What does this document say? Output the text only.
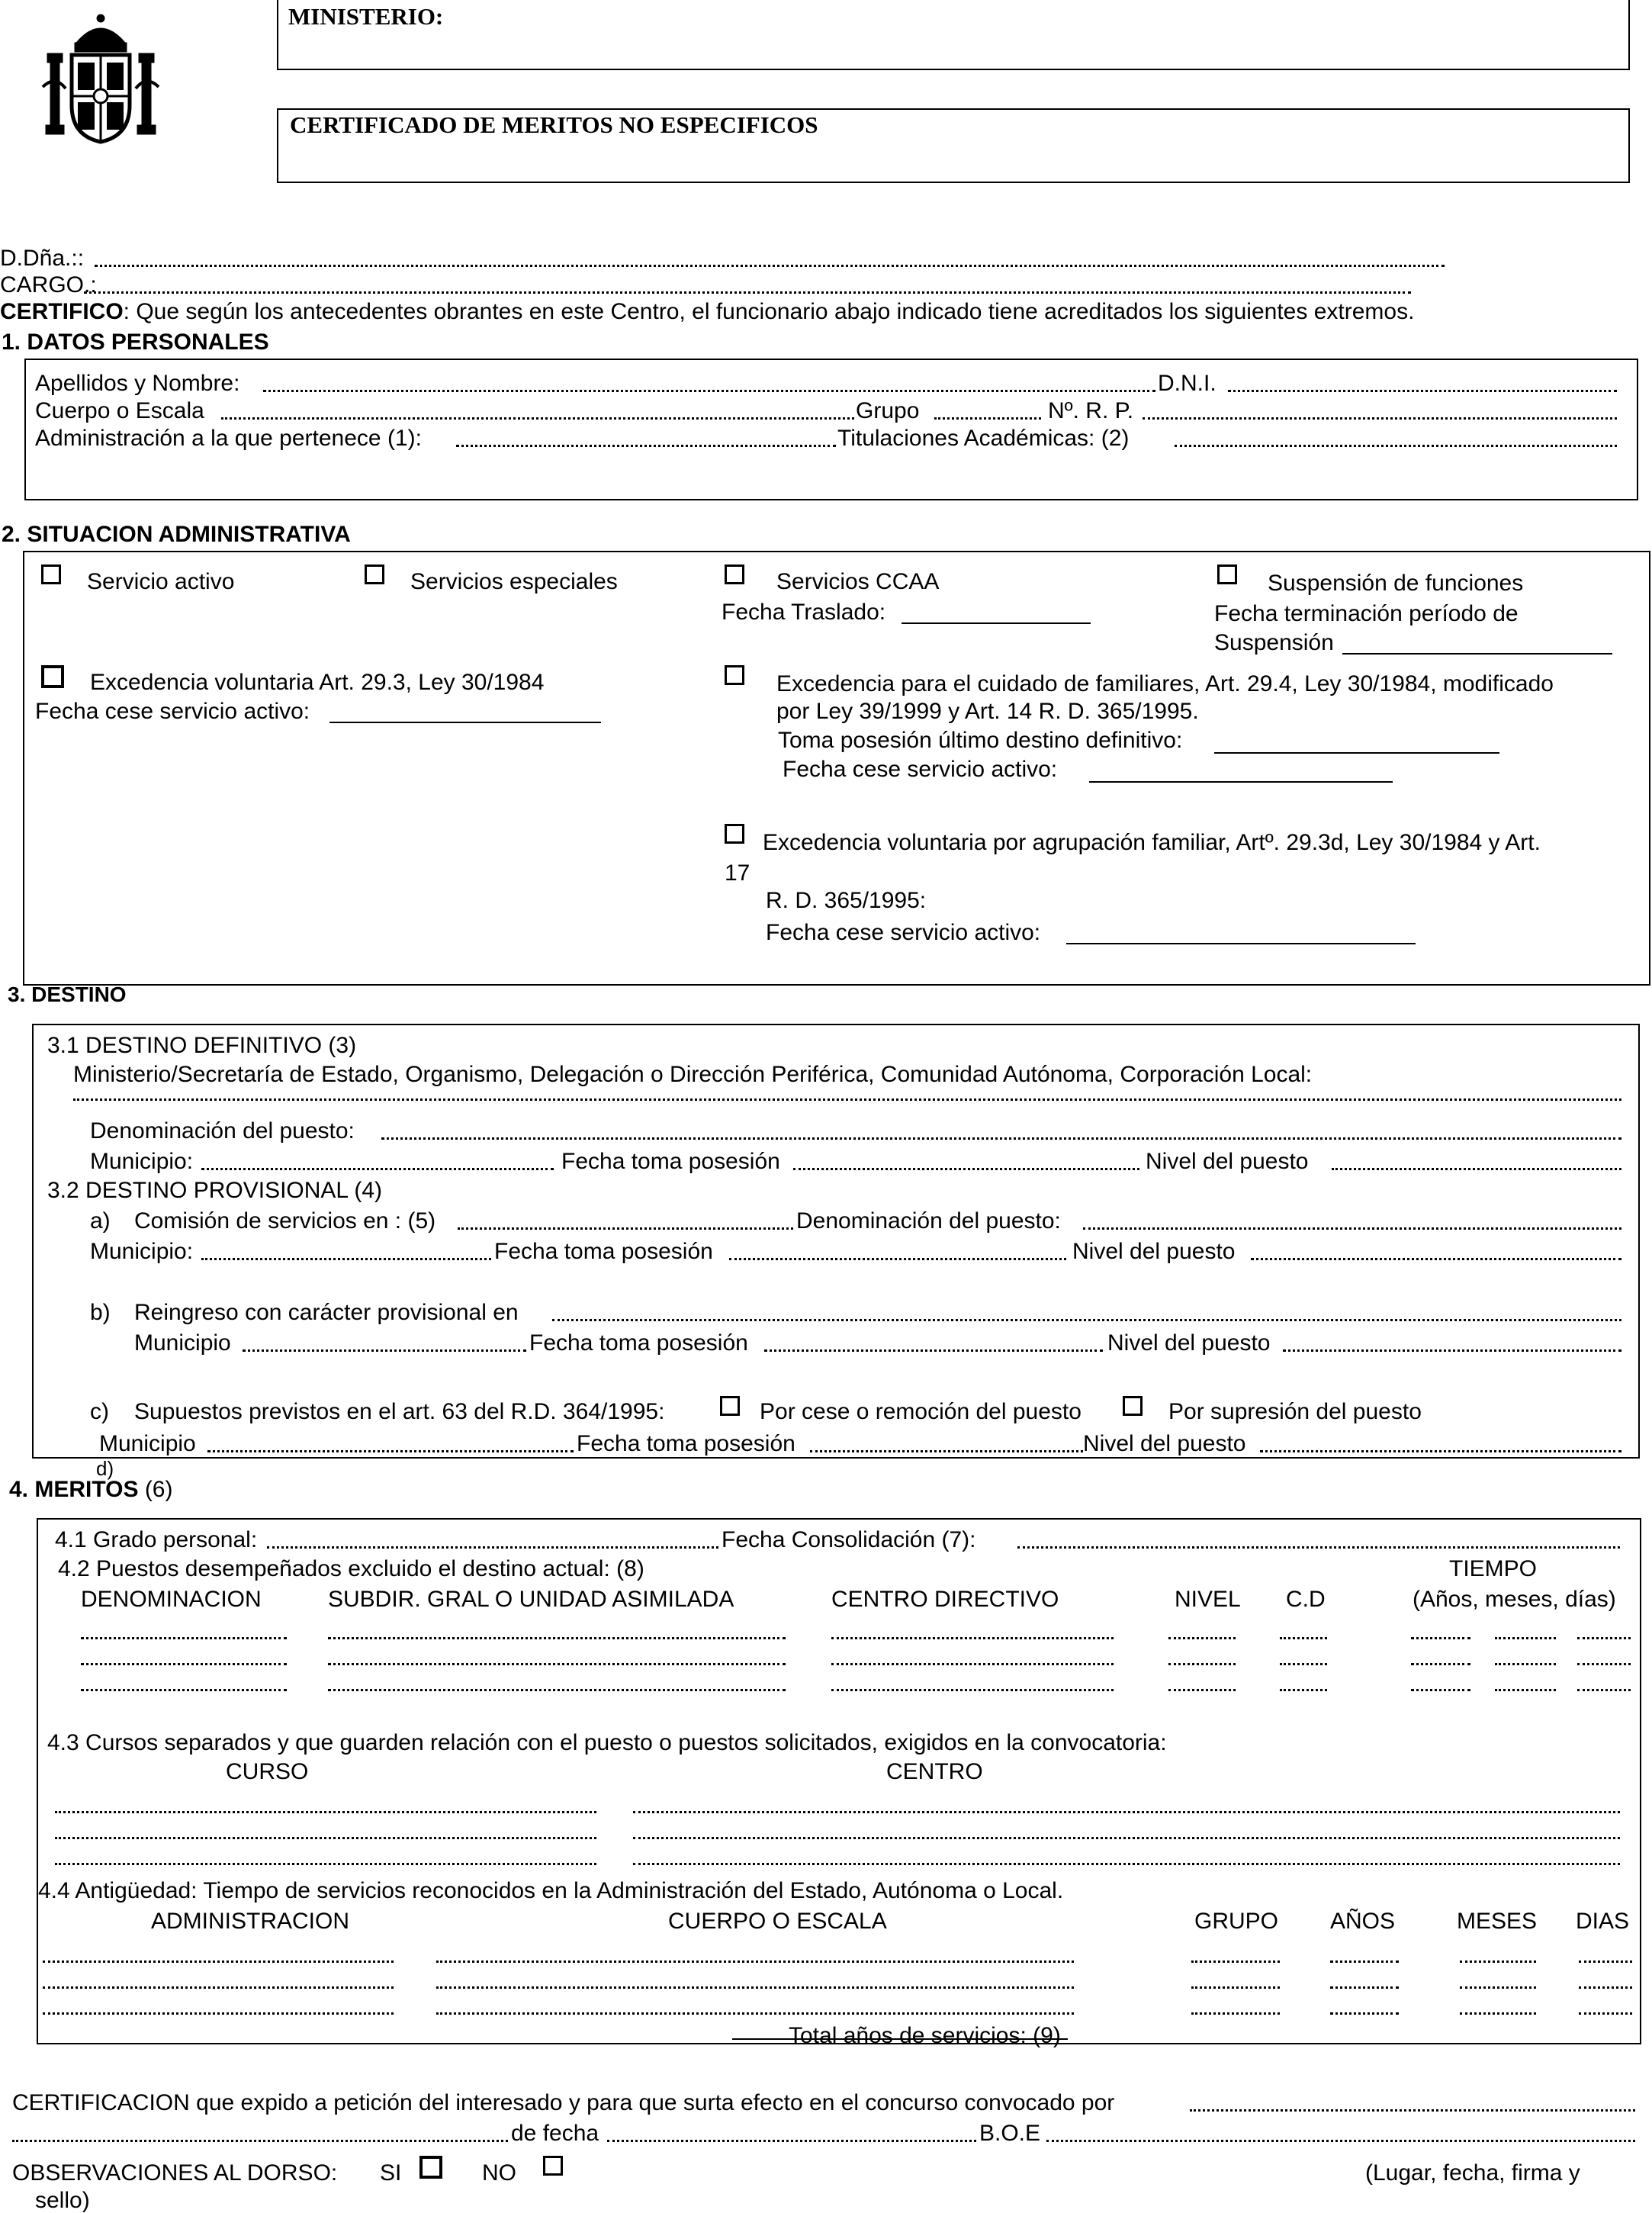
MINISTERIO:
CERTIFICADO DE MERITOS NO ESPECIFICOS
D.Dña.::
CARGO.:
CERTIFICO: Que según los antecedentes obrantes en este Centro, el funcionario abajo indicado tiene acreditados los siguientes extremos.
1. DATOS PERSONALES
Apellidos y Nombre:	D.N.I.
Cuerpo o Escala	Grupo	Nº. R. P.
Administración a la que pertenece (1):	Titulaciones Académicas: (2)
2. SITUACION ADMINISTRATIVA
Servicio activo	Servicios especiales	Servicios CCAA
Fecha Traslado:
Suspensión de funciones
Fecha terminación período de
Suspensión
Excedencia voluntaria Art. 29.3, Ley 30/1984
Fecha cese servicio activo:
Excedencia para el cuidado de familiares, Art. 29.4, Ley 30/1984, modificado
por Ley 39/1999 y Art. 14 R. D. 365/1995.
Toma posesión último destino definitivo:
Fecha cese servicio activo:
Excedencia voluntaria por agrupación familiar, Artº. 29.3d, Ley 30/1984 y Art.
17
R. D. 365/1995:
Fecha cese servicio activo:
3. DESTINO
3.1 DESTINO DEFINITIVO (3)
Ministerio/Secretaría de Estado, Organismo, Delegación o Dirección Periférica, Comunidad Autónoma, Corporación Local:
Denominación del puesto:
Municipio:	Fecha toma posesión	Nivel del puesto
3.2 DESTINO PROVISIONAL (4)
a) Comisión de servicios en : (5)	Denominación del puesto:
Municipio:	Fecha toma posesión	Nivel del puesto
b) Reingreso con carácter provisional en
Municipio	Fecha toma posesión	Nivel del puesto
c) Supuestos previstos en el art. 63 del R.D. 364/1995:	Por cese o remoción del puesto	Por supresión del puesto
Municipio	Fecha toma posesión	Nivel del puesto
d)
4. MERITOS (6)
4.1 Grado personal:	Fecha Consolidación (7):
4.2 Puestos desempeñados excluido el destino actual: (8)	TIEMPO
DENOMINACION	SUBDIR. GRAL O UNIDAD ASIMILADA	CENTRO DIRECTIVO	NIVEL C.D	(Años, meses, días)
4.3 Cursos separados y que guarden relación con el puesto o puestos solicitados, exigidos en la convocatoria:
CURSO	CENTRO
4.4 Antigüedad: Tiempo de servicios reconocidos en la Administración del Estado, Autónoma o Local.
ADMINISTRACION	CUERPO O ESCALA	GRUPO AÑOS	MESES DIAS
Total años de servicios: (9)
CERTIFICACION que expido a petición del interesado y para que surta efecto en el concurso convocado por
de fecha	B.O.E
OBSERVACIONES AL DORSO: SI	NO	(Lugar, fecha, firma y
sello)
